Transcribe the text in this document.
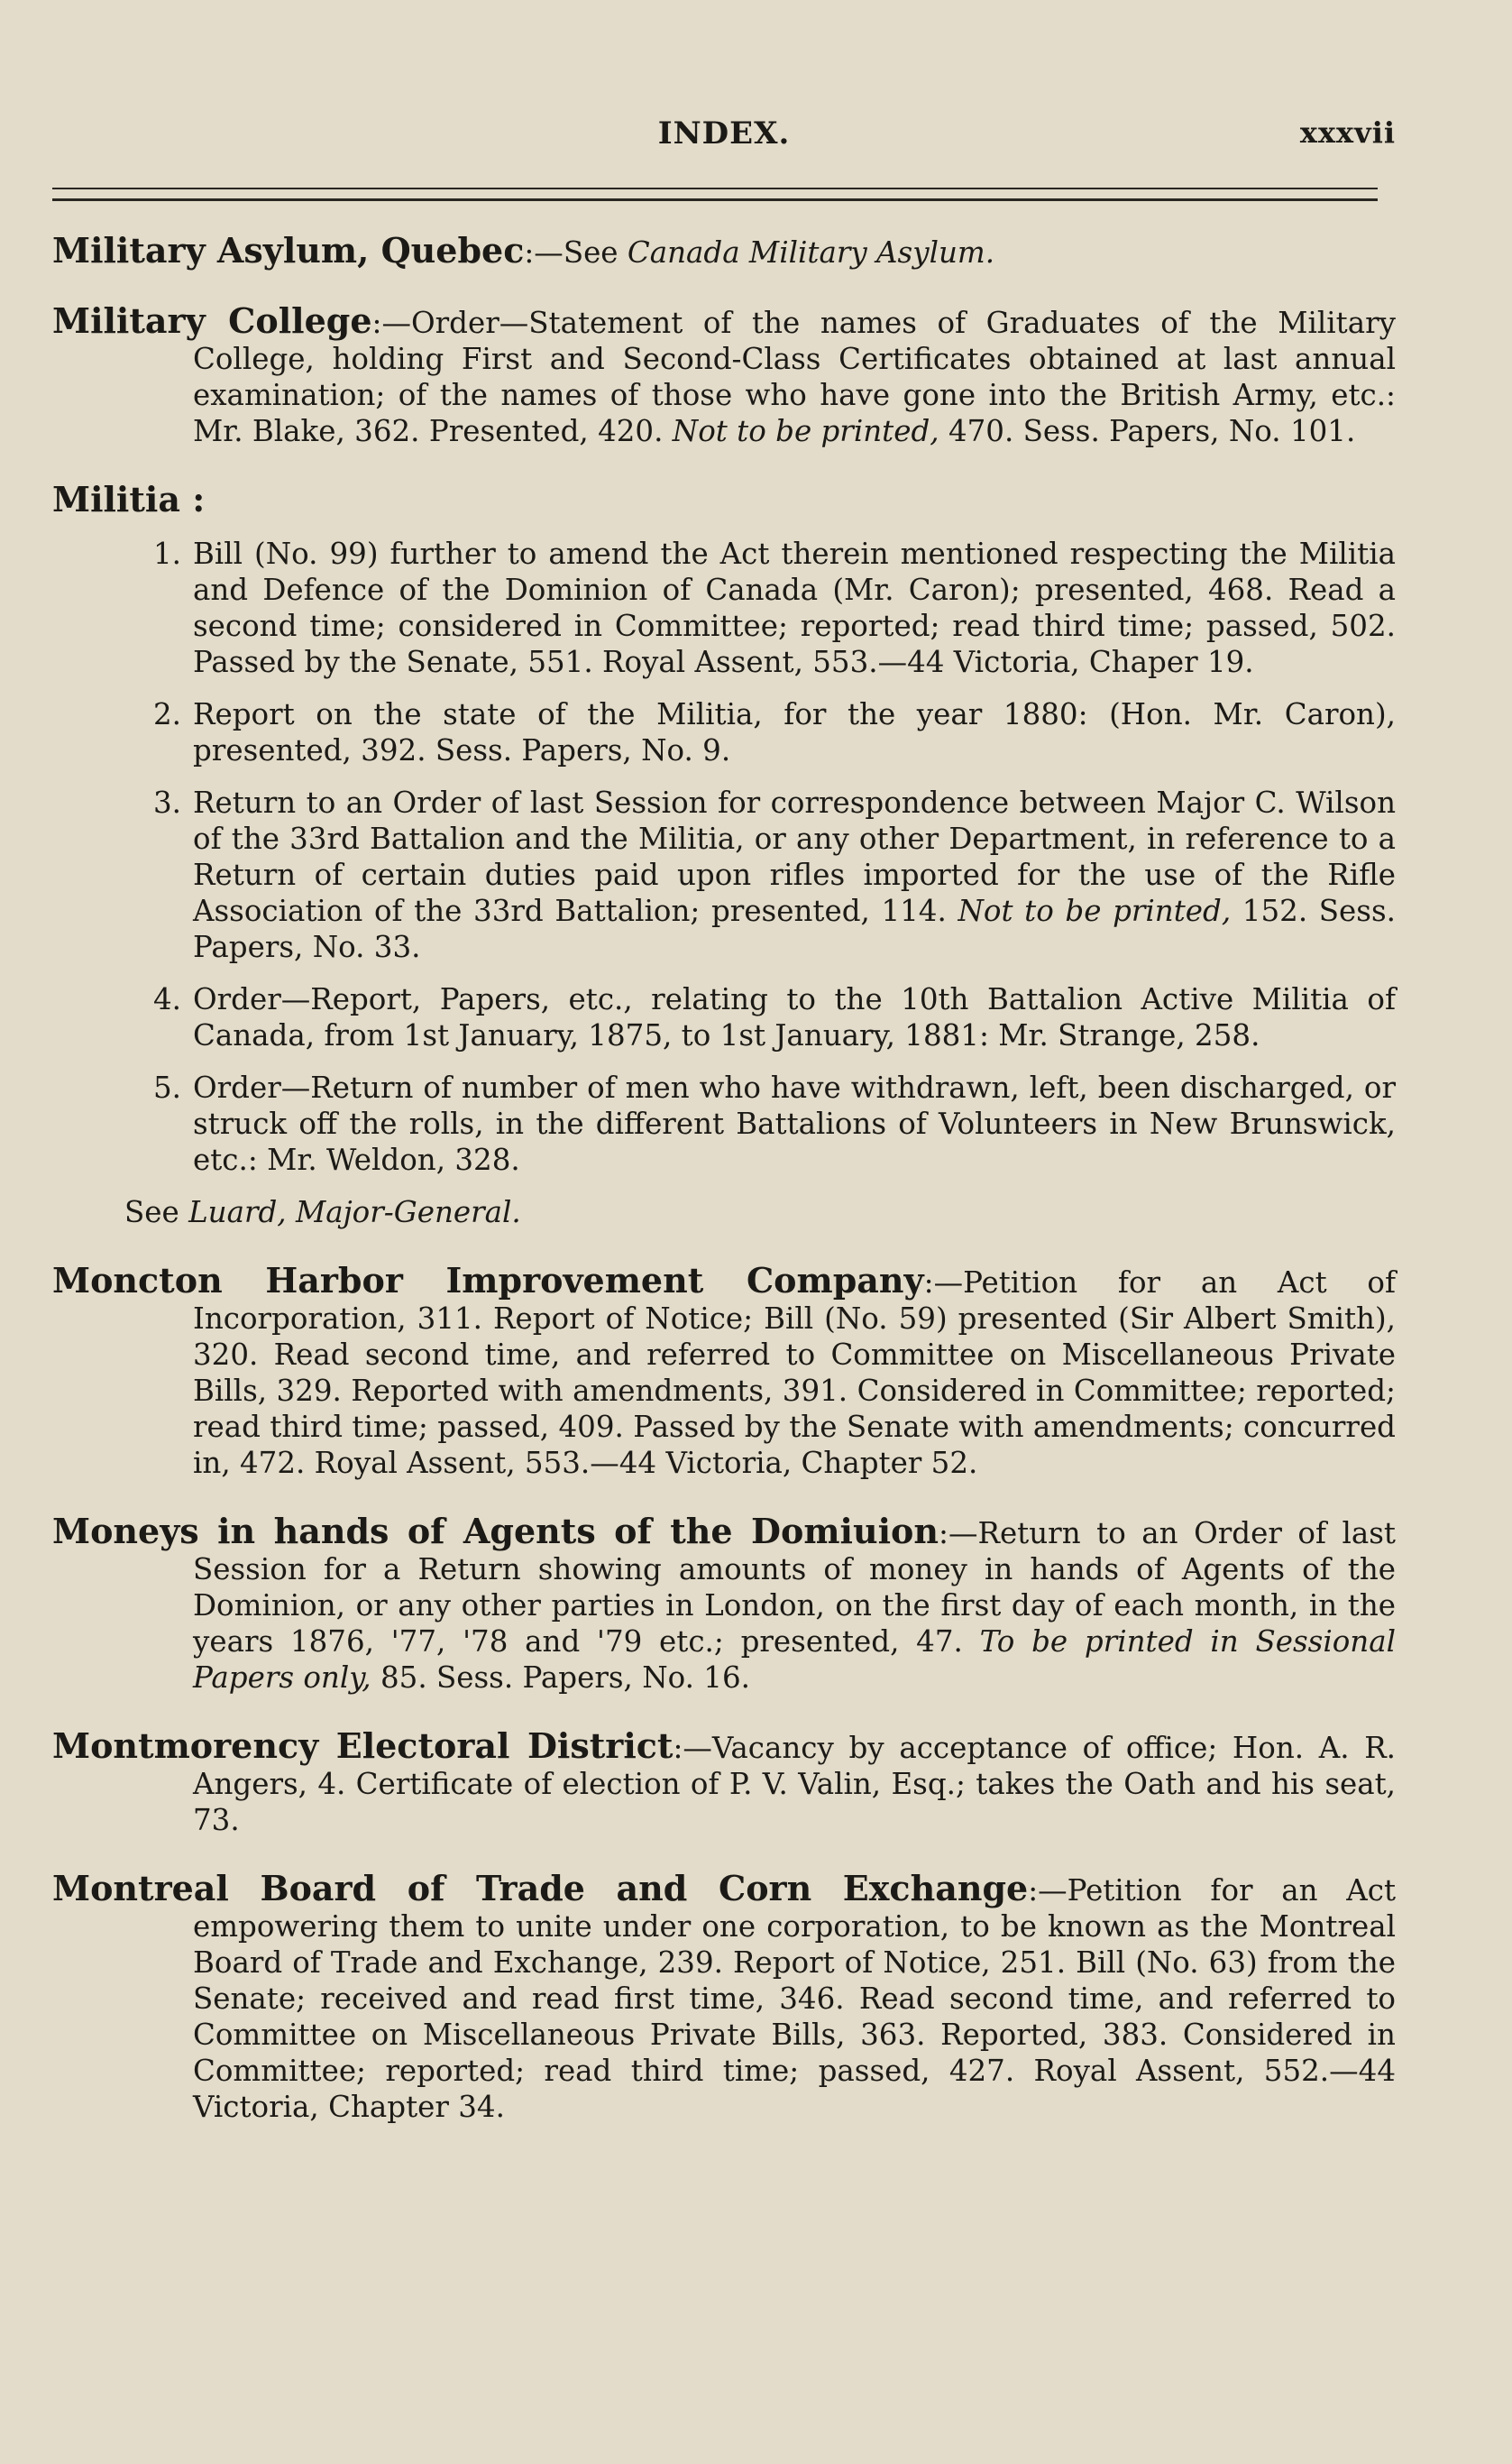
INDEX.	xxxvii

Military Asylum, Quebec:—See Canada Military Asylum.

Military College:—Order—Statement of the names of Graduates of the Military College, holding First and Second-Class Certificates obtained at last annual examination; of the names of those who have gone into the British Army, etc.: Mr. Blake, 362. Presented, 420. Not to be printed, 470. Sess. Papers, No. 101.

Militia :

1. Bill (No. 99) further to amend the Act therein mentioned respecting the Militia and Defence of the Dominion of Canada (Mr. Caron); presented, 468. Read a second time; considered in Committee; reported; read third time; passed, 502. Passed by the Senate, 551. Royal Assent, 553.—44 Victoria, Chaper 19.
2. Report on the state of the Militia, for the year 1880: (Hon. Mr. Caron), presented, 392. Sess. Papers, No. 9.
3. Return to an Order of last Session for correspondence between Major C. Wilson of the 33rd Battalion and the Militia, or any other Department, in reference to a Return of certain duties paid upon rifles imported for the use of the Rifle Association of the 33rd Battalion; presented, 114. Not to be printed, 152. Sess. Papers, No. 33.
4. Order—Report, Papers, etc., relating to the 10th Battalion Active Militia of Canada, from 1st January, 1875, to 1st January, 1881: Mr. Strange, 258.
5. Order—Return of number of men who have withdrawn, left, been discharged, or struck off the rolls, in the different Battalions of Volunteers in New Brunswick, etc.: Mr. Weldon, 328.
See Luard, Major-General.

Moncton Harbor Improvement Company:—Petition for an Act of Incorporation, 311. Report of Notice; Bill (No. 59) presented (Sir Albert Smith), 320. Read second time, and referred to Committee on Miscellaneous Private Bills, 329. Reported with amendments, 391. Considered in Committee; reported; read third time; passed, 409. Passed by the Senate with amendments; concurred in, 472. Royal Assent, 553.—44 Victoria, Chapter 52.

Moneys in hands of Agents of the Domiuion:—Return to an Order of last Session for a Return showing amounts of money in hands of Agents of the Dominion, or any other parties in London, on the first day of each month, in the years 1876, '77, '78 and '79 etc.; presented, 47. To be printed in Sessional Papers only, 85. Sess. Papers, No. 16.

Montmorency Electoral District:—Vacancy by acceptance of office; Hon. A. R. Angers, 4. Certificate of election of P. V. Valin, Esq.; takes the Oath and his seat, 73.

Montreal Board of Trade and Corn Exchange:—Petition for an Act empowering them to unite under one corporation, to be known as the Montreal Board of Trade and Exchange, 239. Report of Notice, 251. Bill (No. 63) from the Senate; received and read first time, 346. Read second time, and referred to Committee on Miscellaneous Private Bills, 363. Reported, 383. Considered in Committee; reported; read third time; passed, 427. Royal Assent, 552.—44 Victoria, Chapter 34.
